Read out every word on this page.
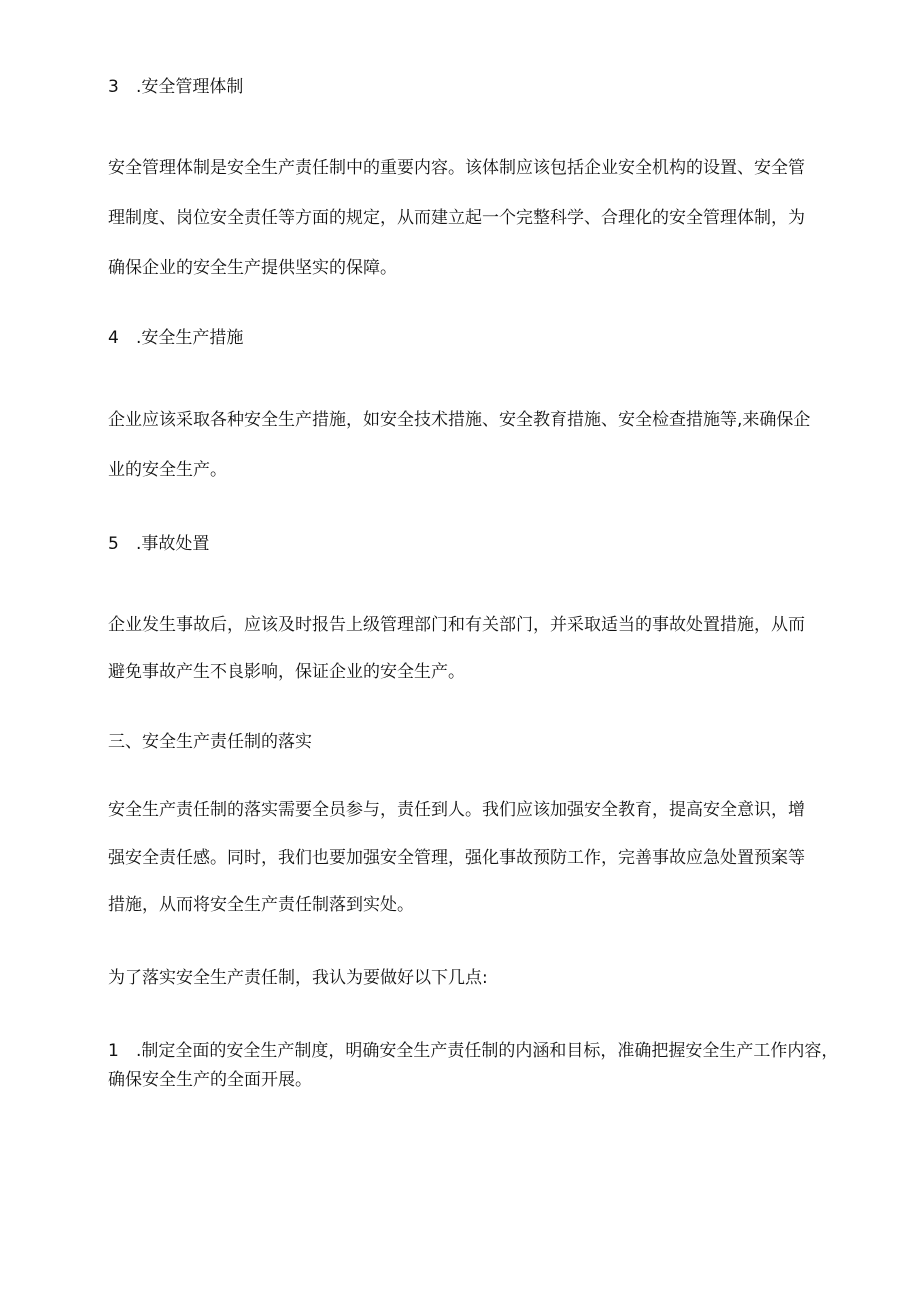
3 .安全管理体制
安全管理体制是安全生产责任制中的重要内容。该体制应该包括企业安全机构的设置、安全管
理制度、岗位安全责任等方面的规定，从而建立起一个完整科学、合理化的安全管理体制，为
确保企业的安全生产提供坚实的保障。
4 .安全生产措施
企业应该采取各种安全生产措施，如安全技术措施、安全教育措施、安全检查措施等,来确保企
业的安全生产。
5 .事故处置
企业发生事故后，应该及时报告上级管理部门和有关部门，并采取适当的事故处置措施，从而
避免事故产生不良影响，保证企业的安全生产。
三、安全生产责任制的落实
安全生产责任制的落实需要全员参与，责任到人。我们应该加强安全教育，提高安全意识，增
强安全责任感。同时，我们也要加强安全管理，强化事故预防工作，完善事故应急处置预案等
措施，从而将安全生产责任制落到实处。
为了落实安全生产责任制，我认为要做好以下几点:
1 .制定全面的安全生产制度，明确安全生产责任制的内涵和目标，准确把握安全生产工作内容，
确保安全生产的全面开展。
